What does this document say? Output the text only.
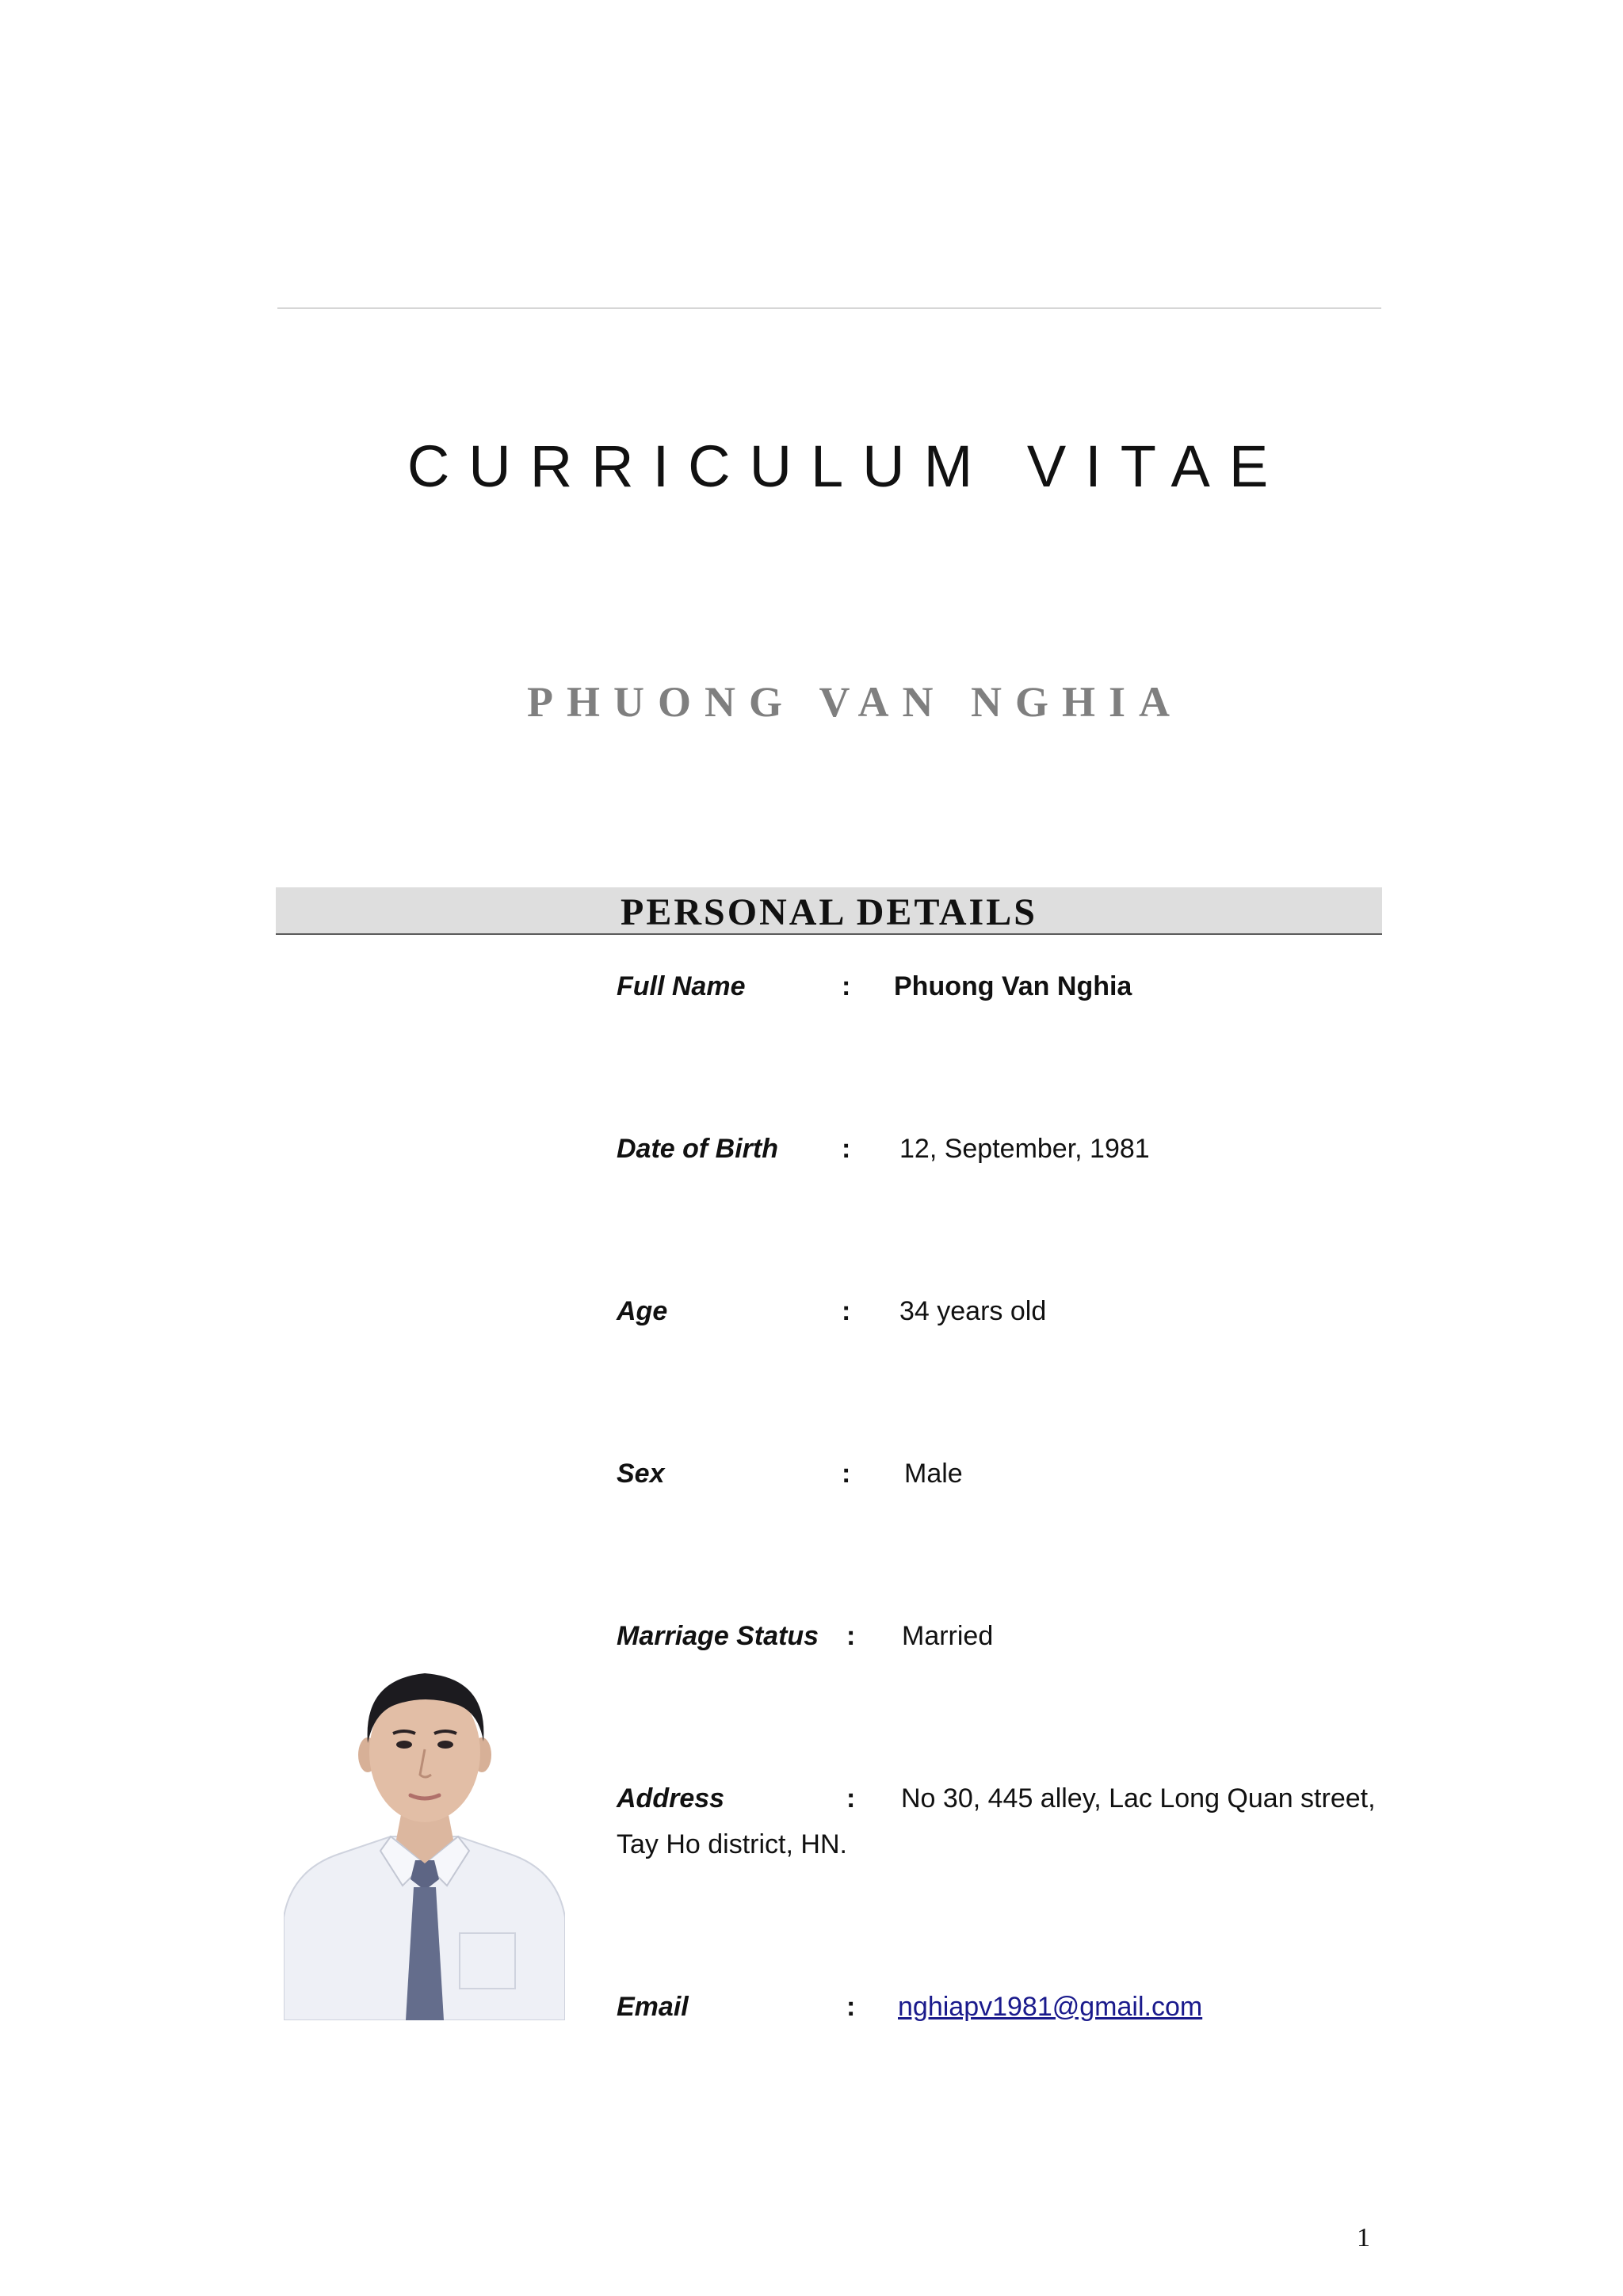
CURRICULUM VITAE
PHUONG VAN NGHIA
PERSONAL DETAILS
Full Name	: Phuong Van Nghia
Date of Birth : 12, September, 1981
Age	: 34 years old
Sex	: Male
Marriage Status : Married
Address	: No 30, 445 alley, Lac Long Quan street,
Tay Ho district, HN.
Email	: nghiapv1981@gmail.com
1
